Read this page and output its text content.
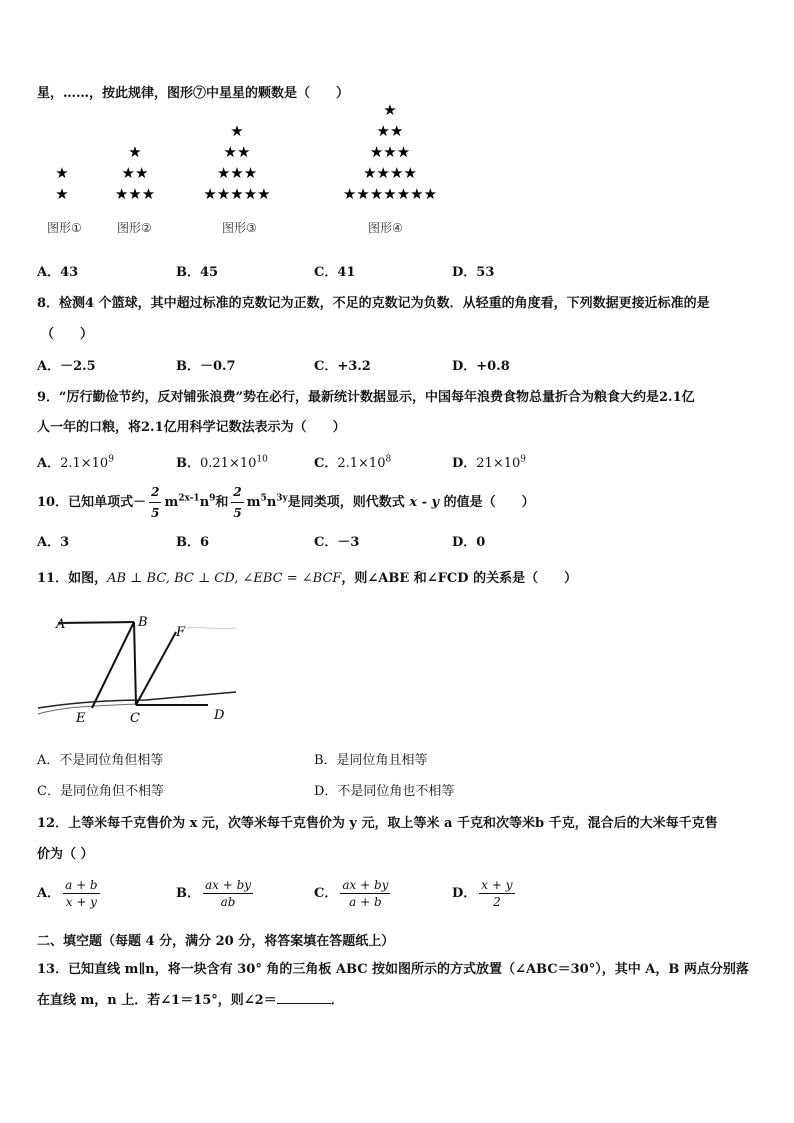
星，……，按此规律，图形⑦中星星的颗数是（　　）
★
★
图形①
★
★★
★★★
图形②
★
★★
★★★
★★★★★
图形③
★
★★
★★★
★★★★
★★★★★★★
图形④
A．43	B．45	C．41	D．53
8．检测4 个篮球，其中超过标准的克数记为正数，不足的克数记为负数．从轻重的角度看，下列数据更接近标准的是
（　　）
A．－2.5	B．－0.7	C．+3.2	D．+0.8
9．“厉行勤俭节约，反对铺张浪费”势在必行，最新统计数据显示，中国每年浪费食物总量折合为粮食大约是2.1亿
人一年的口粮，将2.1亿用科学记数法表示为（　　）
A．$2.1\times 10^9$	B．$0.21\times 10^{10}$	C．$2.1\times 10^8$	D．$21\times 10^9$
10．已知单项式－ $\frac{2}{5} m^{2x-1}n^9$和 $\frac{2}{5} m^5n^{3y}$是同类项，则代数式 x - y 的值是（　　）
A．3	B．6	C．－3	D．0
11．如图，AB ⊥ BC, BC ⊥ CD, ∠EBC = ∠BCF，则∠ABE 和∠FCD 的关系是（　　）
A	B
F
E	C	D
A．不是同位角但相等	B．是同位角且相等
C．是同位角但不相等	D．不是同位角也不相等
12．上等米每千克售价为 x 元，次等米每千克售价为 y 元，取上等米 a 千克和次等米b 千克，混合后的大米每千克售
价为（ ）
A． $\frac{a + b}{x + y}$	B． $\frac{ax + by}{ab}$	C． $\frac{ax + by}{a + b}$	D． $\frac{x + y}{2}$
二、填空题（每题 4 分，满分 20 分，将答案填在答题纸上）
13．已知直线 m∥n，将一块含有 30° 角的三角板 ABC 按如图所示的方式放置（∠ABC＝30°），其中 A，B 两点分别落
在直线 m，n 上．若∠1＝15°，则∠2＝	．
